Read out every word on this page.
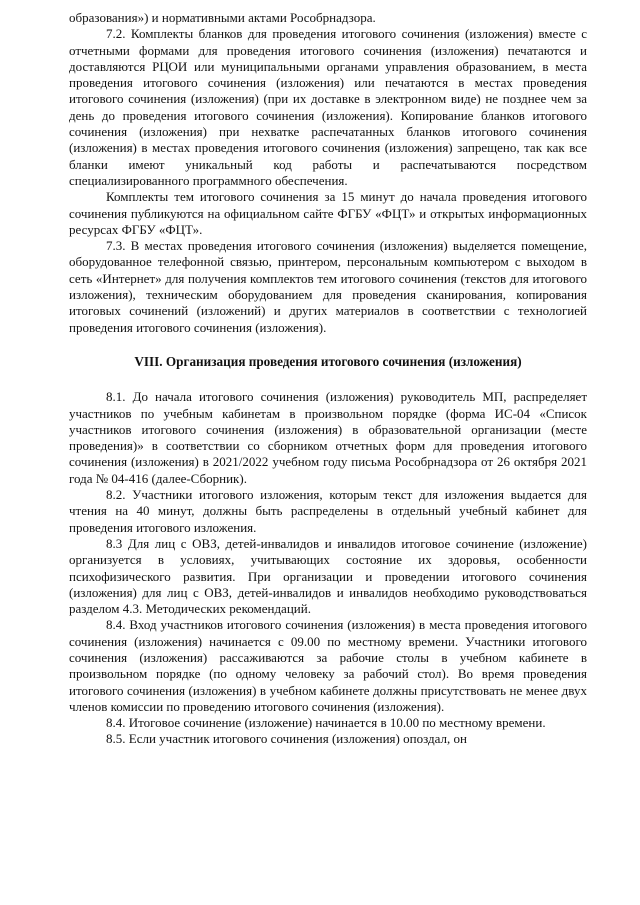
образования») и нормативными актами Рособрнадзора.

7.2. Комплекты бланков для проведения итогового сочинения (изложения) вместе с отчетными формами для проведения итогового сочинения (изложения) печатаются и доставляются РЦОИ или муниципальными органами управления образованием, в места проведения итогового сочинения (изложения) или печатаются в местах проведения итогового сочинения (изложения) (при их доставке в электронном виде) не позднее чем за день до проведения итогового сочинения (изложения). Копирование бланков итогового сочинения (изложения) при нехватке распечатанных бланков итогового сочинения (изложения) в местах проведения итогового сочинения (изложения) запрещено, так как все бланки имеют уникальный код работы и распечатываются посредством специализированного программного обеспечения.

Комплекты тем итогового сочинения за 15 минут до начала проведения итогового сочинения публикуются на официальном сайте ФГБУ «ФЦТ» и открытых информационных ресурсах ФГБУ «ФЦТ».

7.3. В местах проведения итогового сочинения (изложения) выделяется помещение, оборудованное телефонной связью, принтером, персональным компьютером с выходом в сеть «Интернет» для получения комплектов тем итогового сочинения (текстов для итогового изложения), техническим оборудованием для проведения сканирования, копирования итоговых сочинений (изложений) и других материалов в соответствии с технологией проведения итогового сочинения (изложения).

VIII. Организация проведения итогового сочинения (изложения)

8.1. До начала итогового сочинения (изложения) руководитель МП, распределяет участников по учебным кабинетам в произвольном порядке (форма ИС-04 «Список участников итогового сочинения (изложения) в образовательной организации (месте проведения)» в соответствии со сборником отчетных форм для проведения итогового сочинения (изложения) в 2021/2022 учебном году письма Рособрнадзора от 26 октября 2021 года № 04-416 (далее-Сборник).

8.2. Участники итогового изложения, которым текст для изложения выдается для чтения на 40 минут, должны быть распределены в отдельный учебный кабинет для проведения итогового изложения.

8.3 Для лиц с ОВЗ, детей-инвалидов и инвалидов итоговое сочинение (изложение) организуется в условиях, учитывающих состояние их здоровья, особенности психофизического развития. При организации и проведении итогового сочинения (изложения) для лиц с ОВЗ, детей-инвалидов и инвалидов необходимо руководствоваться разделом 4.3. Методических рекомендаций.

8.4. Вход участников итогового сочинения (изложения) в места проведения итогового сочинения (изложения) начинается с 09.00 по местному времени. Участники итогового сочинения (изложения) рассаживаются за рабочие столы в учебном кабинете в произвольном порядке (по одному человеку за рабочий стол). Во время проведения итогового сочинения (изложения) в учебном кабинете должны присутствовать не менее двух членов комиссии по проведению итогового сочинения (изложения).

8.4. Итоговое сочинение (изложение) начинается в 10.00 по местному времени.

8.5. Если участник итогового сочинения (изложения) опоздал, он
